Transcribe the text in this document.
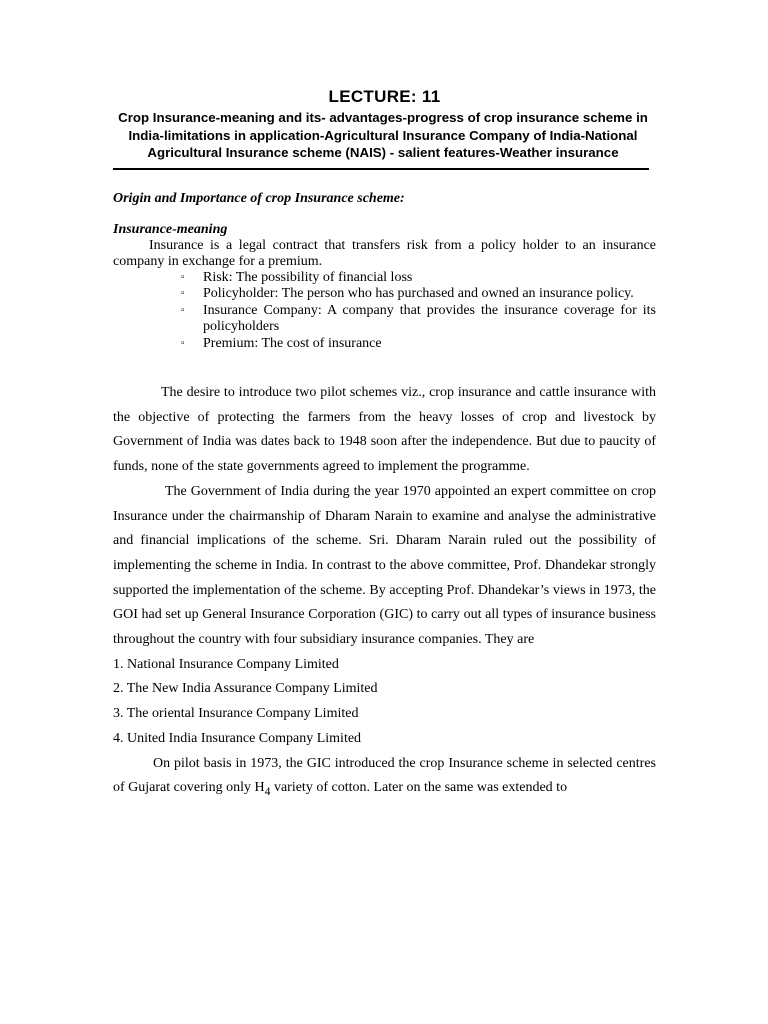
LECTURE: 11
Crop Insurance-meaning and its- advantages-progress of crop insurance scheme in India-limitations in application-Agricultural Insurance Company of India-National Agricultural Insurance scheme (NAIS) - salient features-Weather insurance
Origin and Importance of crop Insurance scheme:
Insurance-meaning
Insurance is a legal contract that transfers risk from a policy holder to an insurance company in exchange for a premium.
▫ Risk: The possibility of financial loss
▫ Policyholder: The person who has purchased and owned an insurance policy.
▫ Insurance Company: A company that provides the insurance coverage for its policyholders
▫ Premium: The cost of insurance

The desire to introduce two pilot schemes viz., crop insurance and cattle insurance with the objective of protecting the farmers from the heavy losses of crop and livestock by Government of India was dates back to 1948 soon after the independence. But due to paucity of funds, none of the state governments agreed to implement the programme.

The Government of India during the year 1970 appointed an expert committee on crop Insurance under the chairmanship of Dharam Narain to examine and analyse the administrative and financial implications of the scheme. Sri. Dharam Narain ruled out the possibility of implementing the scheme in India. In contrast to the above committee, Prof. Dhandekar strongly supported the implementation of the scheme. By accepting Prof. Dhandekar’s views in 1973, the GOI had set up General Insurance Corporation (GIC) to carry out all types of insurance business throughout the country with four subsidiary insurance companies. They are

1. National Insurance Company Limited

2. The New India Assurance Company Limited

3. The oriental Insurance Company Limited

4. United India Insurance Company Limited

On pilot basis in 1973, the GIC introduced the crop Insurance scheme in selected centres of Gujarat covering only $H_4$ variety of cotton. Later on the same was extended to
